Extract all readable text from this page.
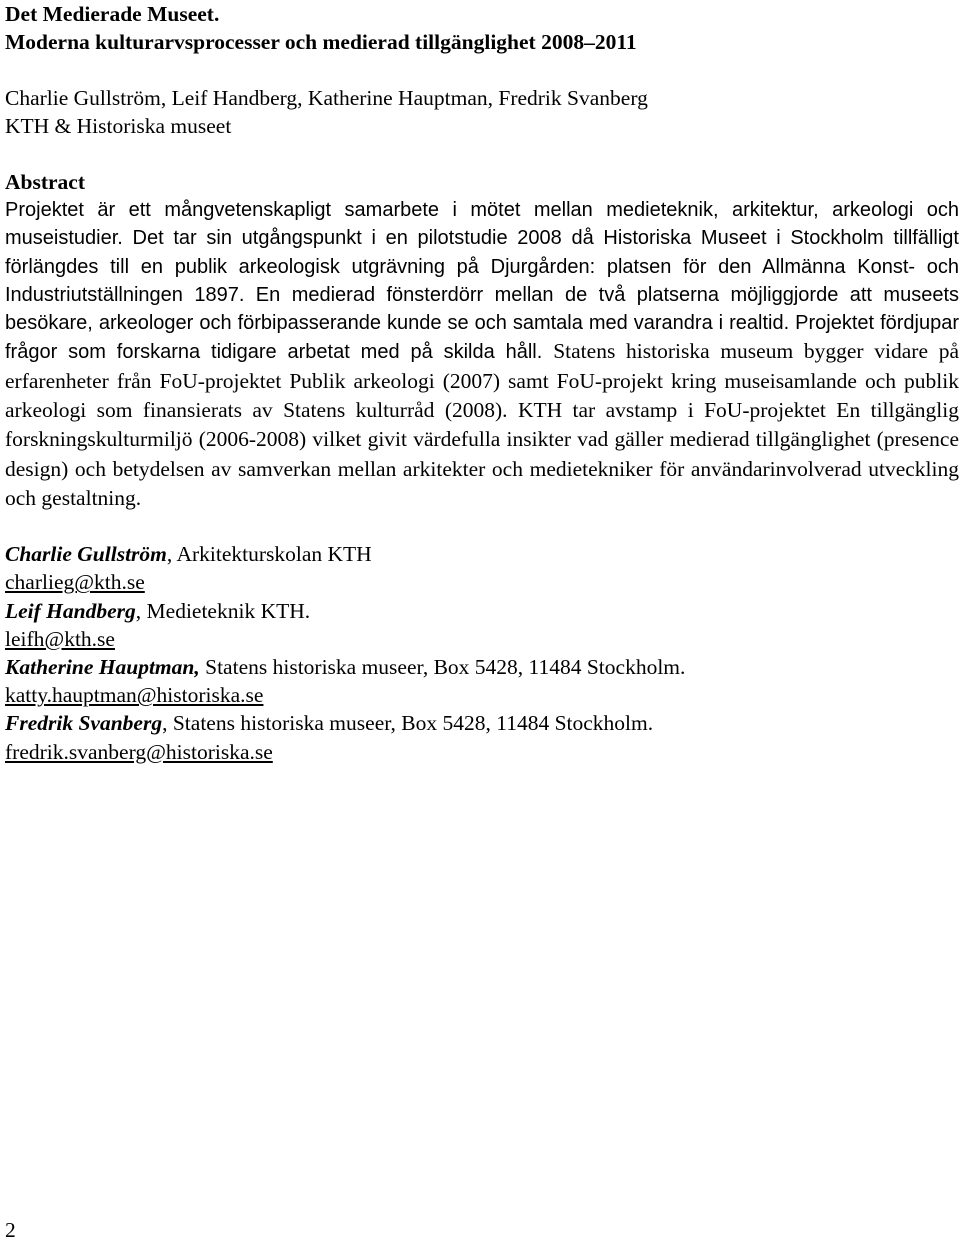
Det Medierade Museet.
Moderna kulturarvsprocesser och medierad tillgänglighet 2008–2011
Charlie Gullström, Leif Handberg, Katherine Hauptman, Fredrik Svanberg
KTH & Historiska museet
Abstract
Projektet är ett mångvetenskapligt samarbete i mötet mellan medieteknik, arkitektur, arkeologi och museistudier. Det tar sin utgångspunkt i en pilotstudie 2008 då Historiska Museet i Stockholm tillfälligt förlängdes till en publik arkeologisk utgrävning på Djurgården: platsen för den Allmänna Konst- och Industriutställningen 1897. En medierad fönsterdörr mellan de två platserna möjliggjorde att museets besökare, arkeologer och förbipasserande kunde se och samtala med varandra i realtid. Projektet fördjupar frågor som forskarna tidigare arbetat med på skilda håll. Statens historiska museum bygger vidare på erfarenheter från FoU-projektet Publik arkeologi (2007) samt FoU-projekt kring museisamlande och publik arkeologi som finansierats av Statens kulturråd (2008). KTH tar avstamp i FoU-projektet En tillgänglig forskningskulturmiljö (2006-2008) vilket givit värdefulla insikter vad gäller medierad tillgänglighet (presence design) och betydelsen av samverkan mellan arkitekter och medietekniker för användarinvolverad utveckling och gestaltning.
Charlie Gullström, Arkitekturskolan KTH
charlieg@kth.se
Leif Handberg, Medieteknik KTH.
leifh@kth.se
Katherine Hauptman, Statens historiska museer, Box 5428, 11484 Stockholm.
katty.hauptman@historiska.se
Fredrik Svanberg, Statens historiska museer, Box 5428, 11484 Stockholm.
fredrik.svanberg@historiska.se
2
